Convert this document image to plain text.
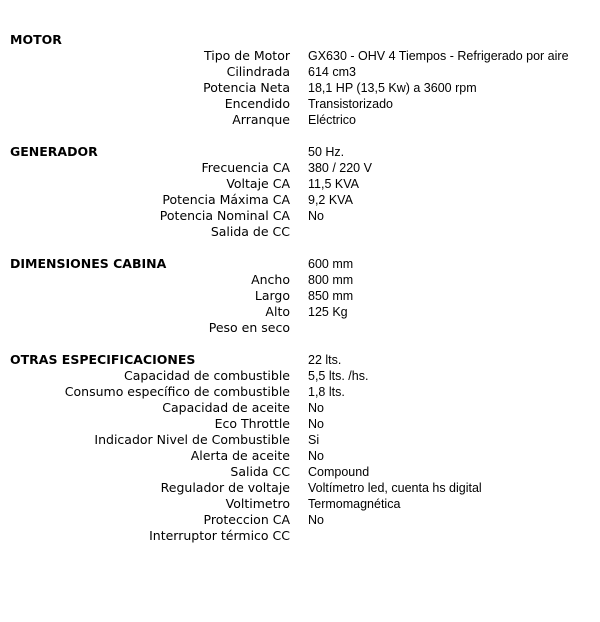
MOTOR
Tipo de Motor
Cilindrada
Potencia Neta
Encendido
Arranque
GX630 - OHV 4 Tiempos - Refrigerado por aire
614 cm3
18,1 HP (13,5 Kw) a 3600 rpm
Transistorizado
Eléctrico
GENERADOR
Frecuencia CA
Voltaje CA
Potencia Máxima CA
Potencia Nominal CA
Salida de CC
50 Hz.
380 / 220 V
11,5 KVA
9,2 KVA
No
DIMENSIONES CABINA
Ancho
Largo
Alto
Peso en seco
600 mm
800 mm
850 mm
125 Kg
OTRAS ESPECIFICACIONES
Capacidad de combustible
Consumo específico de combustible
Capacidad de aceite
Eco Throttle
Indicador Nivel de Combustible
Alerta de aceite
Salida CC
Regulador de voltaje
Voltimetro
Proteccion CA
Interruptor térmico CC
22 lts.
5,5 lts. /hs.
1,8 lts.
No
No
Si
No
Compound
Voltímetro led, cuenta hs digital
Termomagnética
No
